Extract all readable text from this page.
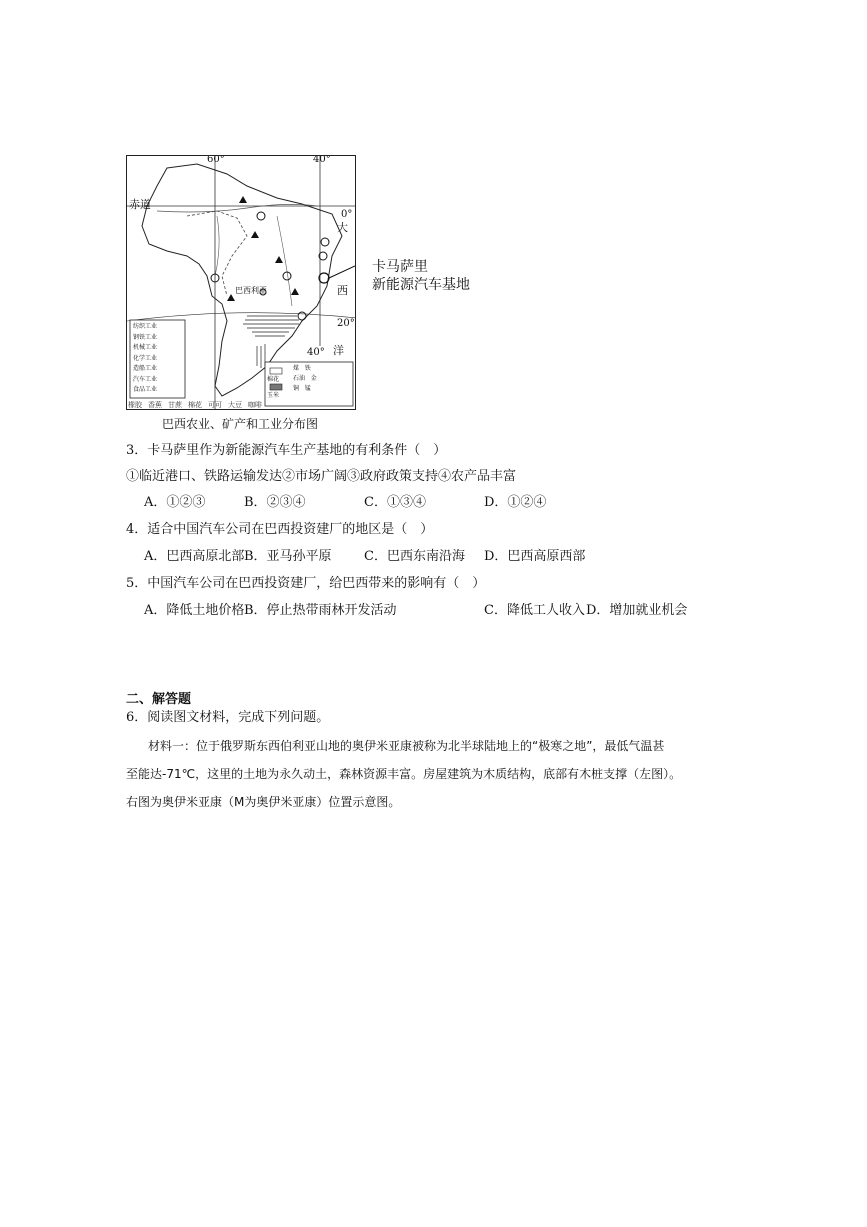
60°	40°
40°
0°
20°
赤道
大
西
洋
巴西利亚
纺织工业
钢铁工业
机械工业
化学工业
造船工业
汽车工业
食品工业
棉花
玉米
煤 铁
石油 金
铜 锰
橡胶 香蕉 甘蔗 棉花 可可 大豆 咖啡
卡马萨里
新能源汽车基地
巴西农业、矿产和工业分布图
3．卡马萨里作为新能源汽车生产基地的有利条件（　）
①临近港口、铁路运输发达②市场广阔③政府政策支持④农产品丰富
A．①②③	B．②③④	C．①③④	D．①②④
4．适合中国汽车公司在巴西投资建厂的地区是（　）
A．巴西高原北部 B．亚马孙平原 C．巴西东南沿海 D．巴西高原西部
5．中国汽车公司在巴西投资建厂，给巴西带来的影响有（　）
A．降低土地价格 B．停止热带雨林开发活动	C．降低工人收入 D．增加就业机会
二、解答题
6．阅读图文材料，完成下列问题。
材料一：位于俄罗斯东西伯利亚山地的奥伊米亚康被称为北半球陆地上的“极寒之地”，最低气温甚
至能达-71℃，这里的土地为永久动土，森林资源丰富。房屋建筑为木质结构，底部有木桩支撑（左图）。
右图为奥伊米亚康（M为奥伊米亚康）位置示意图。
